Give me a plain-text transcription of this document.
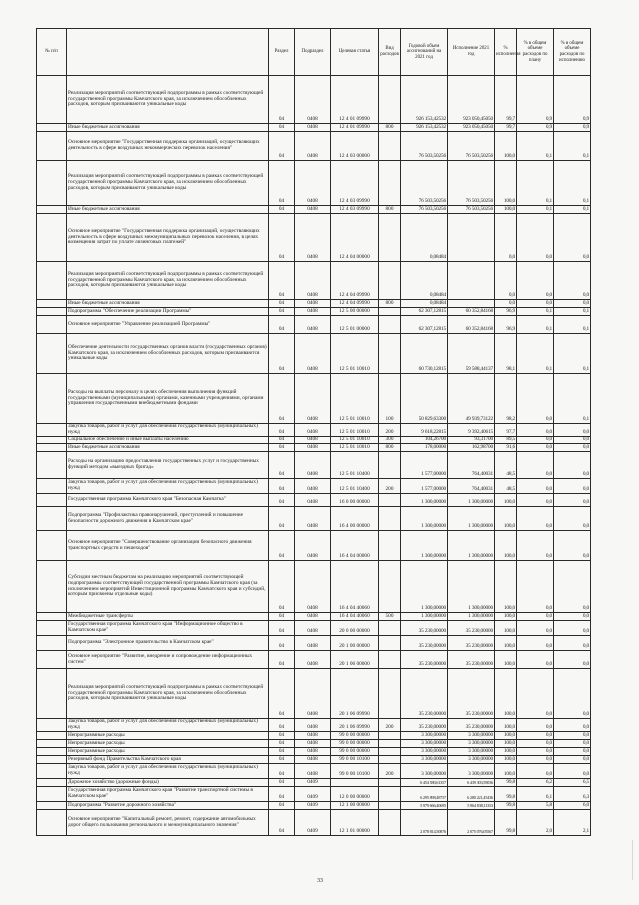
№ п/п		Раздел	Подраздел	Целевая статья	Вид расходов	Годовой объем ассигнований на 2021 год	Исполнение 2021 год	% исполнения	% в общем объеме расходов по плану	% в общем объеме расходов по исполнению
	Реализация мероприятий соответствующей подпрограммы в рамках соответствующей государственной программы Камчатского края, за исключением обособленных расходов, которым присваиваются уникальные коды	04	0408	12 4 01 09990		926 153,42532	923 050,45050	99,7	0,9	0,9
	Иные бюджетные ассигнования	04	0408	12 4 01 09990	800	926 153,42532	923 050,45050	99,7	0,9	0,9
	Основное мероприятие "Государственная поддержка организаций, осуществляющих деятельность в сфере воздушных некоммерческих перевозок населения"	04	0408	12 4 03 00000		76 503,50256	76 503,50256	100,0	0,1	0,1
	Реализация мероприятий соответствующей подпрограммы в рамках соответствующей государственной программы Камчатского края, за исключением обособленных расходов, которым присваиваются уникальные коды	04	0408	12 4 03 09990		76 503,50256	76 503,50256	100,0	0,1	0,1
	Иные бюджетные ассигнования	04	0408	12 4 03 09990	800	76 503,50256	76 503,50256	100,0	0,1	0,1
	Основное мероприятие "Государственная поддержка организаций, осуществляющих деятельность в сфере воздушных межмуниципальных перевозок населения, в целях возмещения затрат по уплате лизинговых платежей"	04	0408	12 4 04 00000		0,08484		0,0	0,0	0,0
	Реализация мероприятий соответствующей подпрограммы в рамках соответствующей государственной программы Камчатского края, за исключением обособленных расходов, которым присваиваются уникальные коды	04	0408	12 4 04 09990		0,08484		0,0	0,0	0,0
	Иные бюджетные ассигнования	04	0408	12 4 04 09990	800	0,08484		0,0	0,0	0,0
	Подпрограмма "Обеспечение реализации Программы"	04	0408	12 5 00 00000		62 307,12815	60 352,84168	96,9	0,1	0,1
	Основное мероприятие "Управление реализацией Программы"	04	0408	12 5 01 00000		62 307,12815	60 352,84168	96,9	0,1	0,1
	Обеспечение деятельности государственных органов власти (государственных органов) Камчатского края, за исключением обособленных расходов, которым присваиваются уникальные коды	04	0408	12 5 01 10010		60 730,12815	59 588,44137	98,1	0,1	0,1
	Расходы на выплаты персоналу в целях обеспечения выполнения функций государственными (муниципальными) органами, казенными учреждениями, органами управления государственными внебюджетными фондами	04	0408	12 5 01 10010	100	50 829,63300	49 939,73122	98,2	0,0	0,1
	Закупка товаров, работ и услуг для обеспечения государственных (муниципальных) нужд	04	0408	12 5 01 10010	200	9 618,22815	9 392,40615	97,7	0,0	0,0
	Социальное обеспечение и иные выплаты населению	04	0408	12 5 01 10010	300	104,26700	93,31700	89,5	0,0	0,0
	Иные бюджетные ассигнования	04	0408	12 5 01 10010	800	178,00000	162,98700	91,6	0,0	0,0
	Расходы на организацию предоставления государственных услуг и государственных функций методом «выездных бригад»	04	0408	12 5 01 10400		1 577,00000	764,40031	48,5	0,0	0,0
	Закупка товаров, работ и услуг для обеспечения государственных (муниципальных) нужд	04	0408	12 5 01 10400	200	1 577,00000	764,40031	48,5	0,0	0,0
	Государственная программа Камчатского края "Безопасная Камчатка"	04	0408	16 0 00 00000		1 300,00000	1 300,00000	100,0	0,0	0,0
	Подпрограмма "Профилактика правонарушений, преступлений и повышение безопасности дорожного движения в Камчатском крае"	04	0408	16 4 00 00000		1 300,00000	1 300,00000	100,0	0,0	0,0
	Основное мероприятие "Совершенствование организации безопасного движения транспортных средств и пешеходов"	04	0408	16 4 04 00000		1 300,00000	1 300,00000	100,0	0,0	0,0
	Субсидии местным бюджетам на реализацию мероприятий соответствующей подпрограммы соответствующей государственной программы Камчатского края (за исключением мероприятий Инвестиционной программы Камчатского края и субсидий, которым присвоены отдельные коды)	04	0408	16 4 04 40060		1 300,00000	1 300,00000	100,0	0,0	0,0
	Межбюджетные трансферты	04	0408	16 4 04 40060	500	1 300,00000	1 300,00000	100,0	0,0	0,0
	Государственная программа Камчатского края "Информационное общество в Камчатском крае"	04	0408	20 0 00 00000		35 230,00000	35 230,00000	100,0	0,0	0,0
	Подпрограмма "Электронное правительство в Камчатском крае"	04	0408	20 1 00 00000		35 230,00000	35 230,00000	100,0	0,0	0,0
	Основное мероприятие "Развитие, внедрение и сопровождение информационных систем"	04	0408	20 1 06 00000		35 230,00000	35 230,00000	100,0	0,0	0,0
	Реализация мероприятий соответствующей подпрограммы в рамках соответствующей государственной программы Камчатского края, за исключением обособленных расходов, которым присваиваются уникальные коды	04	0408	20 1 06 09990		35 230,00000	35 230,00000	100,0	0,0	0,0
	Закупка товаров, работ и услуг для обеспечения государственных (муниципальных) нужд	04	0408	20 1 06 09990	200	35 230,00000	35 230,00000	100,0	0,0	0,0
	Непрограммные расходы	04	0408	99 0 00 00000		3 300,00000	3 300,00000	100,0	0,0	0,0
	Непрограммные расходы	04	0408	99 0 00 00000		3 300,00000	3 300,00000	100,0	0,0	0,0
	Непрограммные расходы	04	0408	99 0 00 00000		3 300,00000	3 300,00000	100,0	0,0	0,0
	Резервный фонд Правительства Камчатского края	04	0408	99 0 00 10100		3 300,00000	3 300,00000	100,0	0,0	0,0
	Закупка товаров, работ и услуг для обеспечения государственных (муниципальных) нужд	04	0408	99 0 00 10100	200	3 300,00000	3 300,00000	100,0	0,0	0,0
	Дорожное хозяйство (дорожные фонды)	04	0409			6 454 580,61357	6 439 303,59036	99,8	6,2	6,5
	Государственная программа Камчатского края "Развитие транспортной системы в Камчатском крае"	04	0409	12 0 00 00000		6 295 898,48757	6 280 221,45436	99,8	6,1	6,3
	Подпрограмма "Развитие дорожного хозяйства"	04	0409	12 1 00 00000		5 979 666,40695	5 964 838,11353	99,8	5,8	6,0
	Основное мероприятие "Капитальный ремонт, ремонт, содержание автомобильных дорог общего пользования регионального и межмуниципального значения"	04	0409	12 1 01 00000		2 078 814,50876	2 075 076,05567	99,8	2,0	2,1
33
